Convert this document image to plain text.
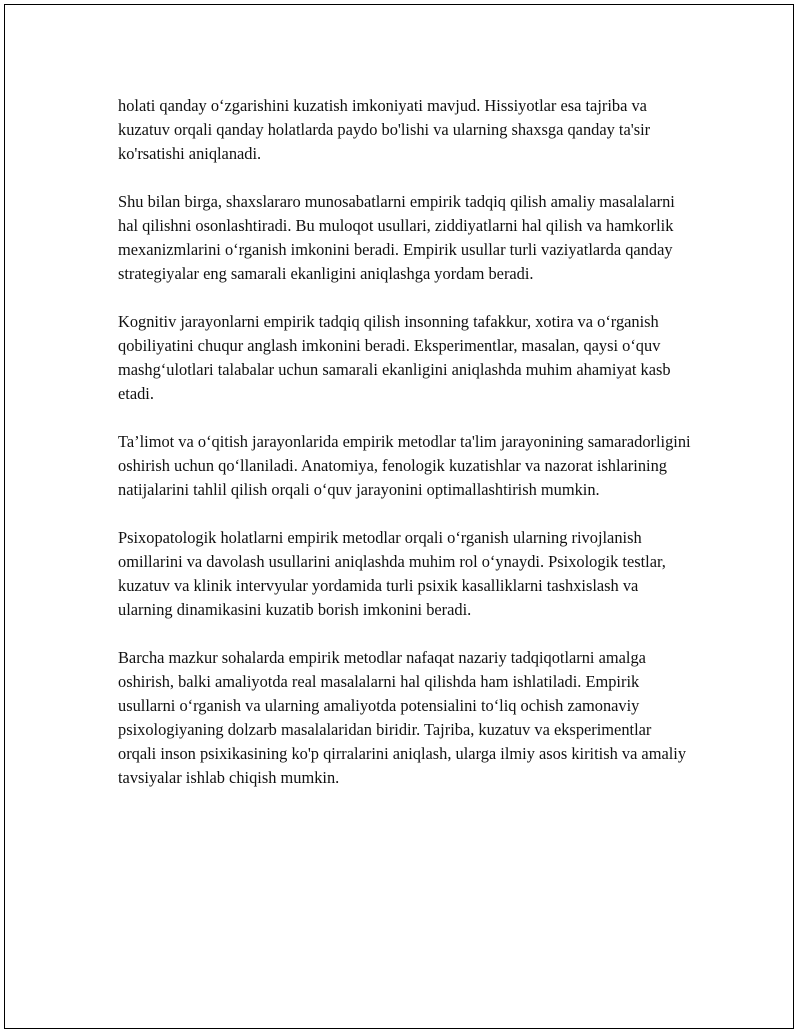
holati qanday o‘zgarishini kuzatish imkoniyati mavjud. Hissiyotlar esa tajriba va kuzatuv orqali qanday holatlarda paydo bo'lishi va ularning shaxsga qanday ta'sir ko'rsatishi aniqlanadi.

Shu bilan birga, shaxslararo munosabatlarni empirik tadqiq qilish amaliy masalalarni hal qilishni osonlashtiradi. Bu muloqot usullari, ziddiyatlarni hal qilish va hamkorlik mexanizmlarini o‘rganish imkonini beradi. Empirik usullar turli vaziyatlarda qanday strategiyalar eng samarali ekanligini aniqlashga yordam beradi.

Kognitiv jarayonlarni empirik tadqiq qilish insonning tafakkur, xotira va o‘rganish qobiliyatini chuqur anglash imkonini beradi. Eksperimentlar, masalan, qaysi o‘quv mashg‘ulotlari talabalar uchun samarali ekanligini aniqlashda muhim ahamiyat kasb etadi.

Ta’limot va o‘qitish jarayonlarida empirik metodlar ta'lim jarayonining samaradorligini oshirish uchun qo‘llaniladi. Anatomiya, fenologik kuzatishlar va nazorat ishlarining natijalarini tahlil qilish orqali o‘quv jarayonini optimallashtirish mumkin.

Psixopatologik holatlarni empirik metodlar orqali o‘rganish ularning rivojlanish omillarini va davolash usullarini aniqlashda muhim rol o‘ynaydi. Psixologik testlar, kuzatuv va klinik intervyular yordamida turli psixik kasalliklarni tashxislash va ularning dinamikasini kuzatib borish imkonini beradi.

Barcha mazkur sohalarda empirik metodlar nafaqat nazariy tadqiqotlarni amalga oshirish, balki amaliyotda real masalalarni hal qilishda ham ishlatiladi. Empirik usullarni o‘rganish va ularning amaliyotda potensialini to‘liq ochish zamonaviy psixologiyaning dolzarb masalalaridan biridir. Tajriba, kuzatuv va eksperimentlar orqali inson psixikasining ko'p qirralarini aniqlash, ularga ilmiy asos kiritish va amaliy tavsiyalar ishlab chiqish mumkin.
